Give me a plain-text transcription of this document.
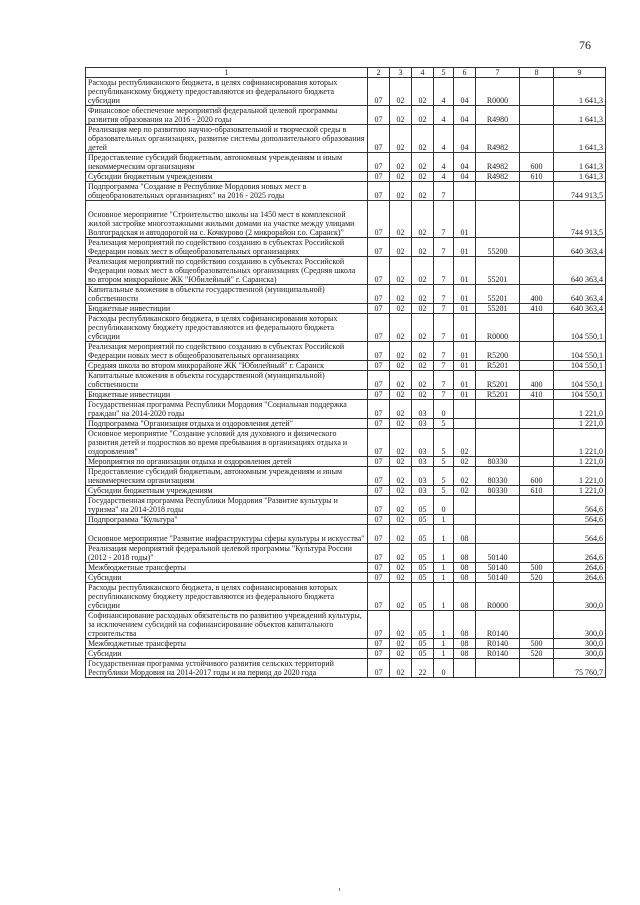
76
1	2	3	4	5	6	7	8	9
Расходы республиканского бюджета, в целях софинансирования которых республиканскому бюджету предоставляются из федерального бюджета субсидии	07	02	02	4	04	R0000		1 641,3
Финансовое обеспечение мероприятий федеральной целевой программы развития образования на 2016 - 2020 годы	07	02	02	4	04	R4980		1 641,3
Реализация мер по развитию научно-образовательной и творческой среды в образовательных организациях, развитие системы дополнительного образования детей	07	02	02	4	04	R4982		1 641,3
Предоставление субсидий бюджетным, автономным учреждениям и иным некоммерческим организациям	07	02	02	4	04	R4982	600	1 641,3
Субсидии бюджетным учреждениям	07	02	02	4	04	R4982	610	1 641,3
Подпрограмма "Создание в Республике Мордовия новых мест в общеобразовательных организациях" на 2016 - 2025 годы	07	02	02	7				744 913,5
Основное мероприятие "Строительство школы на 1450 мест в комплексной жилой застройке многоэтажными жилыми домами на участке между улицами Волгоградская и автодорогой на с. Кочкурово (2 микрорайон г.о. Саранск)"	07	02	02	7	01			744 913,5
Реализация мероприятий по содействию созданию в субъектах Российской Федерации новых мест в общеобразовательных организациях	07	02	02	7	01	55200		640 363,4
Реализация мероприятий по содействию созданию в субъектах Российской Федерации новых мест в общеобразовательных организациях (Средняя школа во втором микрорайоне ЖК "Юбилейный" г. Саранска)	07	02	02	7	01	55201		640 363,4
Капитальные вложения в объекты государственной (муниципальной) собственности	07	02	02	7	01	55201	400	640 363,4
Бюджетные инвестиции	07	02	02	7	01	55201	410	640 363,4
Расходы республиканского бюджета, в целях софинансирования которых республиканскому бюджету предоставляются из федерального бюджета субсидии	07	02	02	7	01	R0000		104 550,1
Реализация мероприятий по содействию созданию в субъектах Российской Федерации новых мест в общеобразовательных организациях	07	02	02	7	01	R5200		104 550,1
Средняя школа во втором микрорайоне ЖК "Юбилейный" г. Саранск	07	02	02	7	01	R5201		104 550,1
Капитальные вложения в объекты государственной (муниципальной) собственности	07	02	02	7	01	R5201	400	104 550,1
Бюджетные инвестиции	07	02	02	7	01	R5201	410	104 550,1
Государственная программа Республики Мордовия "Социальная поддержка граждан" на 2014-2020 годы	07	02	03	0				1 221,0
Подпрограмма "Организация отдыха и оздоровления детей"	07	02	03	5				1 221,0
Основное мероприятие "Создание условий для духовного и физического развития детей и подростков во время пребывания в организациях отдыха и оздоровления"	07	02	03	5	02			1 221,0
Мероприятия по организации отдыха и оздоровления детей	07	02	03	5	02	80330		1 221,0
Предоставление субсидий бюджетным, автономным учреждениям и иным некоммерческим организациям	07	02	03	5	02	80330	600	1 221,0
Субсидии бюджетным учреждениям	07	02	03	5	02	80330	610	1 221,0
Государственная программа Республики Мордовия "Развитие культуры и туризма" на 2014-2018 годы	07	02	05	0				564,6
Подпрограмма "Культура"	07	02	05	1				564,6
Основное мероприятие "Развитие инфраструктуры сферы культуры и искусства"	07	02	05	1	08			564,6
Реализация мероприятий федеральной целевой программы "Культура России (2012 - 2018 годы)"	07	02	05	1	08	50140		264,6
Межбюджетные трансферты	07	02	05	1	08	50140	500	264,6
Субсидии	07	02	05	1	08	50140	520	264,6
Расходы республиканского бюджета, в целях софинансирования которых республиканскому бюджету предоставляются из федерального бюджета субсидии	07	02	05	1	08	R0000		300,0
Софинансирование расходных обязательств по развитию учреждений культуры, за исключением субсидий на софинансирование объектов капитального строительства	07	02	05	1	08	R0140		300,0
Межбюджетные трансферты	07	02	05	1	08	R0140	500	300,0
Субсидии	07	02	05	1	08	R0140	520	300,0
Государственная программа устойчивого развития сельских территорий Республики Мордовия на 2014-2017 годы и на период до 2020 года	07	02	22	0				75 760,7
